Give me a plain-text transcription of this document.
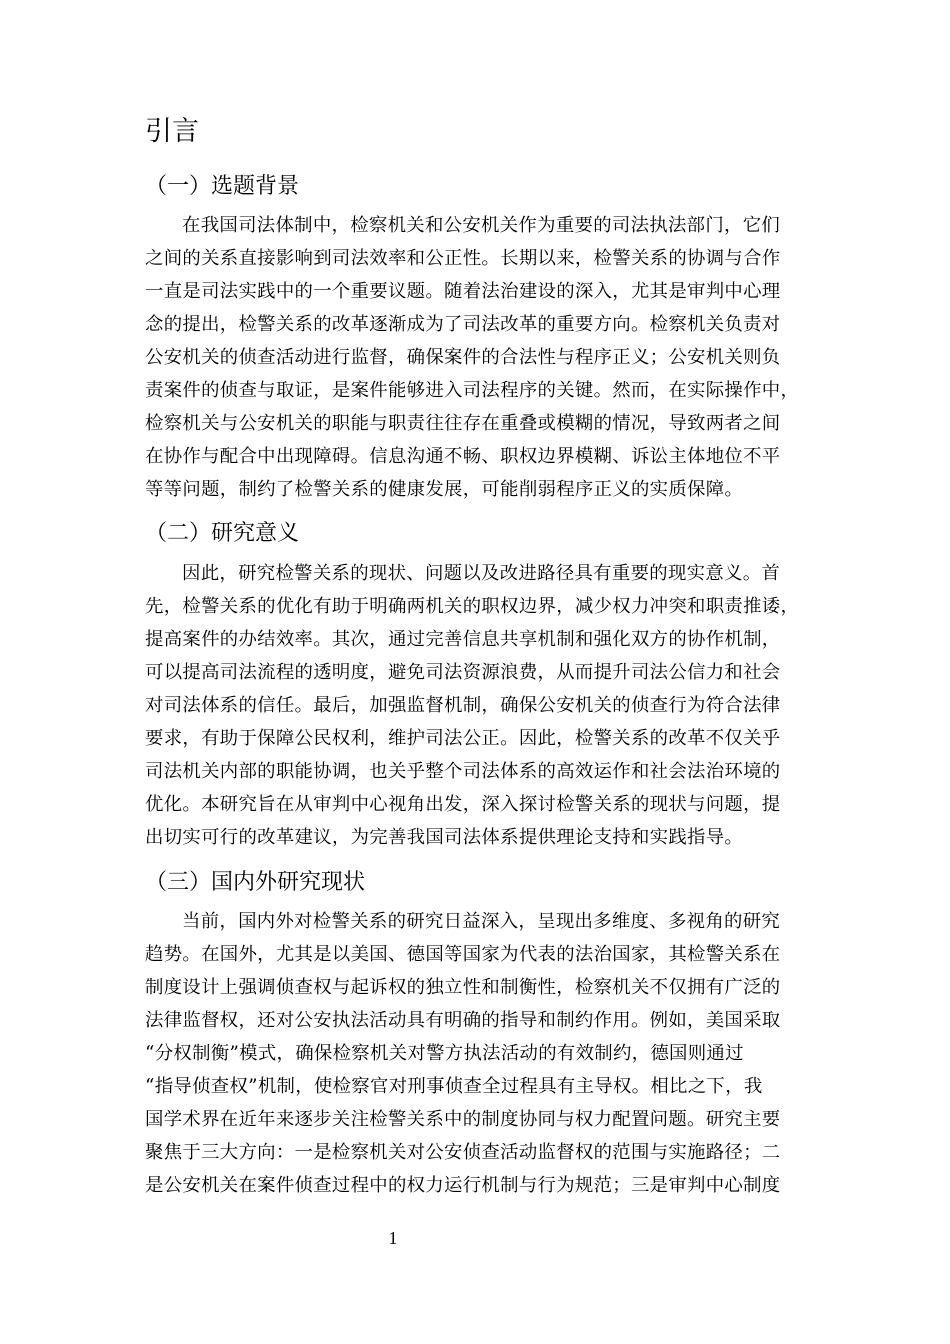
引言
（一）选题背景
在我国司法体制中，检察机关和公安机关作为重要的司法执法部门，它们
之间的关系直接影响到司法效率和公正性。长期以来，检警关系的协调与合作
一直是司法实践中的一个重要议题。随着法治建设的深入，尤其是审判中心理
念的提出，检警关系的改革逐渐成为了司法改革的重要方向。检察机关负责对
公安机关的侦查活动进行监督，确保案件的合法性与程序正义；公安机关则负
责案件的侦查与取证，是案件能够进入司法程序的关键。然而，在实际操作中，
检察机关与公安机关的职能与职责往往存在重叠或模糊的情况，导致两者之间
在协作与配合中出现障碍。信息沟通不畅、职权边界模糊、诉讼主体地位不平
等等问题，制约了检警关系的健康发展，可能削弱程序正义的实质保障。
（二）研究意义
因此，研究检警关系的现状、问题以及改进路径具有重要的现实意义。首
先，检警关系的优化有助于明确两机关的职权边界，减少权力冲突和职责推诿，
提高案件的办结效率。其次，通过完善信息共享机制和强化双方的协作机制，
可以提高司法流程的透明度，避免司法资源浪费，从而提升司法公信力和社会
对司法体系的信任。最后，加强监督机制，确保公安机关的侦查行为符合法律
要求，有助于保障公民权利，维护司法公正。因此，检警关系的改革不仅关乎
司法机关内部的职能协调，也关乎整个司法体系的高效运作和社会法治环境的
优化。本研究旨在从审判中心视角出发，深入探讨检警关系的现状与问题，提
出切实可行的改革建议，为完善我国司法体系提供理论支持和实践指导。
（三）国内外研究现状
当前，国内外对检警关系的研究日益深入，呈现出多维度、多视角的研究
趋势。在国外，尤其是以美国、德国等国家为代表的法治国家，其检警关系在
制度设计上强调侦查权与起诉权的独立性和制衡性，检察机关不仅拥有广泛的
法律监督权，还对公安执法活动具有明确的指导和制约作用。例如，美国采取
“分权制衡”模式，确保检察机关对警方执法活动的有效制约，德国则通过
“指导侦查权”机制，使检察官对刑事侦查全过程具有主导权。相比之下，我
国学术界在近年来逐步关注检警关系中的制度协同与权力配置问题。研究主要
聚焦于三大方向：一是检察机关对公安侦查活动监督权的范围与实施路径；二
是公安机关在案件侦查过程中的权力运行机制与行为规范；三是审判中心制度
1
